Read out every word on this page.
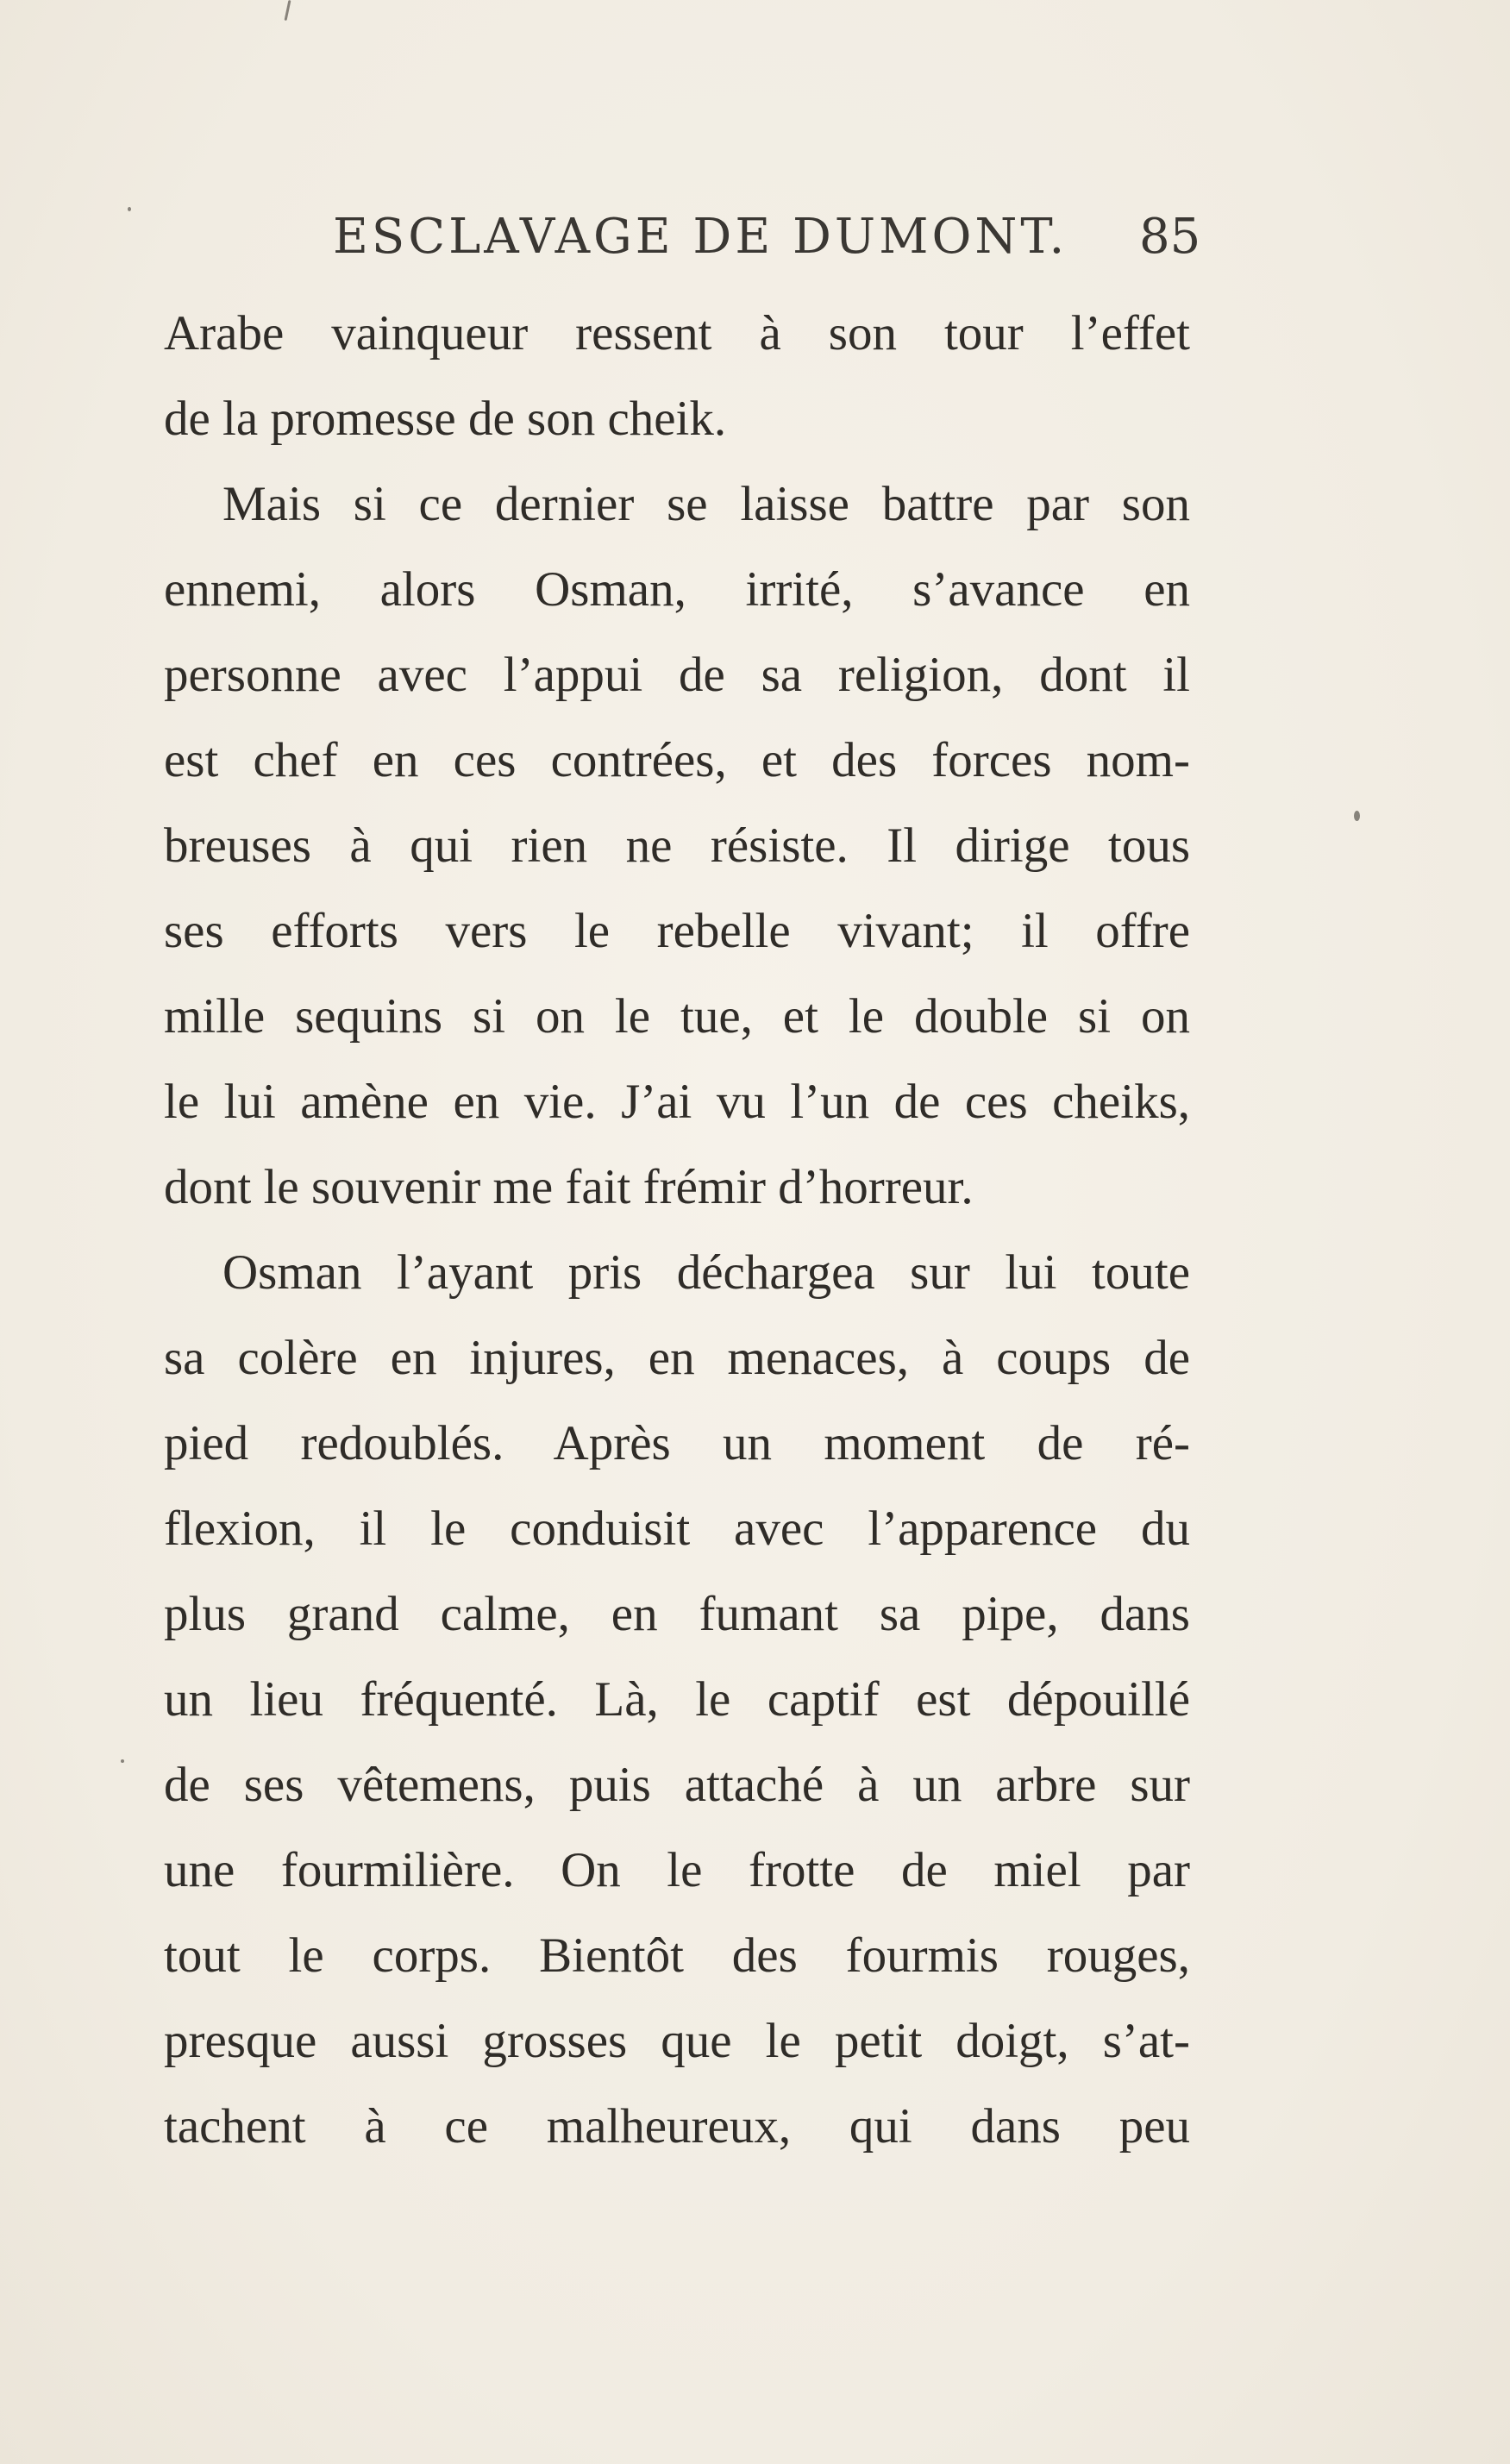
ESCLAVAGE DE DUMONT. 85
Arabe vainqueur ressent à son tour l’effet
de la promesse de son cheik.
Mais si ce dernier se laisse battre par son
ennemi, alors Osman, irrité, s’avance en
personne avec l’appui de sa religion, dont il
est chef en ces contrées, et des forces nom-
breuses à qui rien ne résiste. Il dirige tous
ses efforts vers le rebelle vivant; il offre
mille sequins si on le tue, et le double si on
le lui amène en vie. J’ai vu l’un de ces cheiks,
dont le souvenir me fait frémir d’horreur.
Osman l’ayant pris déchargea sur lui toute
sa colère en injures, en menaces, à coups de
pied redoublés. Après un moment de ré-
flexion, il le conduisit avec l’apparence du
plus grand calme, en fumant sa pipe, dans
un lieu fréquenté. Là, le captif est dépouillé
de ses vêtemens, puis attaché à un arbre sur
une fourmilière. On le frotte de miel par
tout le corps. Bientôt des fourmis rouges,
presque aussi grosses que le petit doigt, s’at-
tachent à ce malheureux, qui dans peu
